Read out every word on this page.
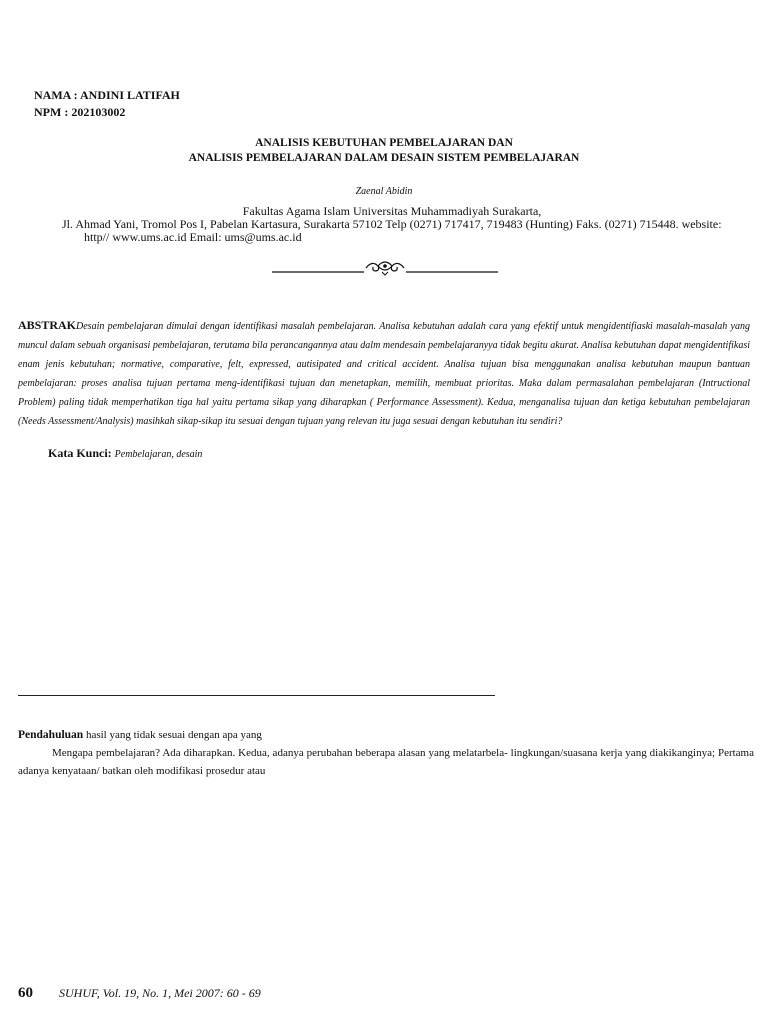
NAMA : ANDINI LATIFAH
NPM : 202103002
ANALISIS KEBUTUHAN PEMBELAJARAN DAN
ANALISIS PEMBELAJARAN DALAM DESAIN SISTEM PEMBELAJARAN
Zaenal Abidin
Fakultas Agama Islam Universitas Muhammadiyah Surakarta,
Jl. Ahmad Yani, Tromol Pos I, Pabelan Kartasura, Surakarta 57102 Telp (0271) 717417, 719483 (Hunting) Faks. (0271) 715448. website:
http// www.ums.ac.id Email: ums@ums.ac.id
ABSTRAKDesain pembelajaran dimulai dengan identifikasi masalah pembelajaran. Analisa kebutuhan adalah cara yang efektif untuk mengidentifiaski masalah-masalah yang muncul dalam sebuah organisasi pembelajaran, terutama bila perancangannya atau dalm mendesain pembelajaranyya tidak begitu akurat. Analisa kebutuhan dapat mengidentifikasi enam jenis kebutuhan; normative, comparative, felt, expressed, autisipated and critical accident. Analisa tujuan bisa menggunakan analisa kebutuhan maupun bantuan pembelajaran: proses analisa tujuan pertama meng-identifikasi tujuan dan menetapkan, memilih, membuat prioritas. Maka dalam permasalahan pembelajaran (Intructional Problem) paling tidak memperhatikan tiga hal yaitu pertama sikap yang diharapkan ( Performance Assessment). Kedua, menganalisa tujuan dan ketiga kebutuhan pembelajaran (Needs Assessment/Analysis) masihkah sikap-sikap itu sesuai dengan tujuan yang relevan itu juga sesuai dengan kebutuhan itu sendiri?
Kata Kunci: Pembelajaran, desain
Pendahuluan hasil yang tidak sesuai dengan apa yang
Mengapa pembelajaran? Ada diharapkan. Kedua, adanya perubahan beberapa alasan yang melatarbela- lingkungan/suasana kerja yang diakikanginya; Pertama adanya kenyataan/ batkan oleh modifikasi prosedur atau
60 SUHUF, Vol. 19, No. 1, Mei 2007: 60 - 69
